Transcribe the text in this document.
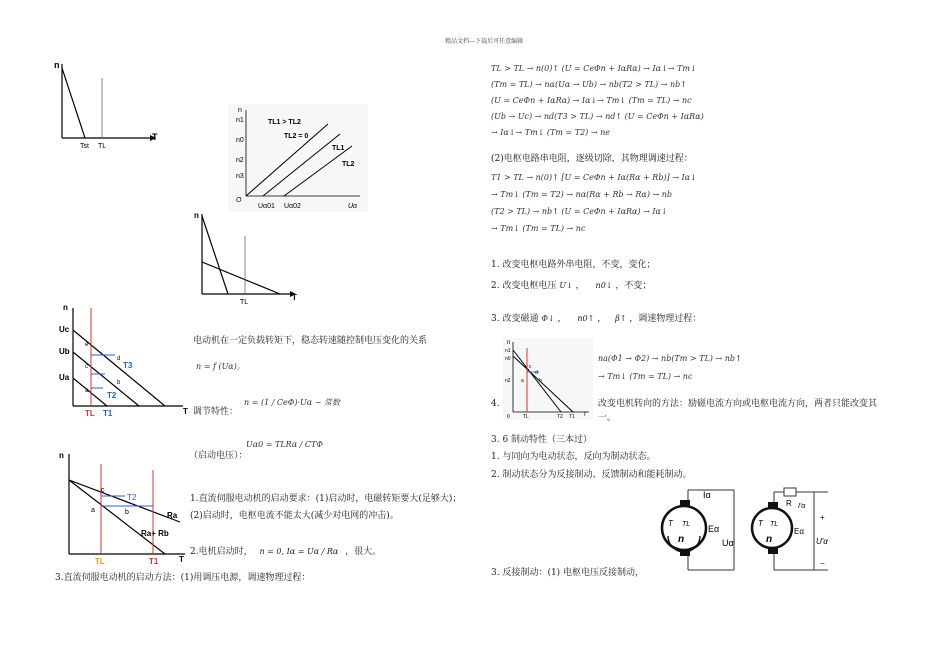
精品文档---下载后可任意编辑
n
T
Tst TL
n
n1
n0
n2
n3
TL1 > TL2
TL2 = 0
TL1
TL2
O
Uα01 Uα02	Uα
n
T
TL
n
Uc
Ub
Ua
e
d
c
b
a
T3
T2
TL T1	T
电动机在一定负载转矩下，稳态转速随控制电压变化的关系
n = f (Uα)。
调节特性：
n = (1 / CeΦ)·Uα − 常数
（启动电压）：
Uα0 = TLRα / CTΦ
n
c
a	b
T2
Ra
Ra+ Rb
TL	T1	T
1.直流伺服电动机的启动要求：(1)启动时，电磁转矩要大(足够大)；
(2)启动时，电枢电流不能太大(减少对电网的冲击)。
2.电机启动时， n = 0, Iα = Uα / Rα ，很大。
3.直流伺服电动机的启动方法：(1)用调压电源，调速物理过程：
TL > TL → n(0)↑ (U = CeΦn + IαRα) → Iα↓→ Tm↓
(Tm = TL) → nα(Uα → Ub) → nb(T2 > TL) → nb↑
(U = CeΦn + IαRα) → Iα↓→ Tm↓ (Tm = TL) → nc
(Ub → Uc) → nd(T3 > TL) → nd↑ (U = CeΦn + IαRα)
→ Iα↓→ Tm↓ (Tm = T2) → ne
(2)电枢电路串电阻，逐级切除，其物理调速过程：
T1 > TL → n(0)↑ [U = CeΦn + Iα(Rα + Rb)] → Iα↓
→ Tm↓ (Tm = T2) → nα(Rα + Rb → Rα) → nb
(T2 > TL) → nb↑ (U = CeΦn + IαRα) → Iα↓
→ Tm↓ (Tm = TL) → nc
1. 改变电枢电路外串电阻，不变，变化；
2. 改变电枢电压 U↓ ， n0↓ ，不变；
3. 改变磁通 Φ↓ ， n0↑ ， β↑ ，调速物理过程：
n
n1
n0
n2
c
d
a	b
0	TL	T2 T1 T
na(Φ1 → Φ2) → nb(Tm > TL) → nb↑
→ Tm↓ (Tm = TL) → nc
4.	改变电机转向的方法：励磁电流方向或电枢电流方向，两者只能改变其
一。
3. 6 制动特性（三本过）
1. 与同向为电动状态，反向为制动状态。
2. 制动状态分为反接制动、反馈制动和能耗制动。
Iα
T TL
n
Eα
Uα
R I'α
T TL
n
Eα
U'α
+
−
3. 反接制动：(1) 电枢电压反接制动，
